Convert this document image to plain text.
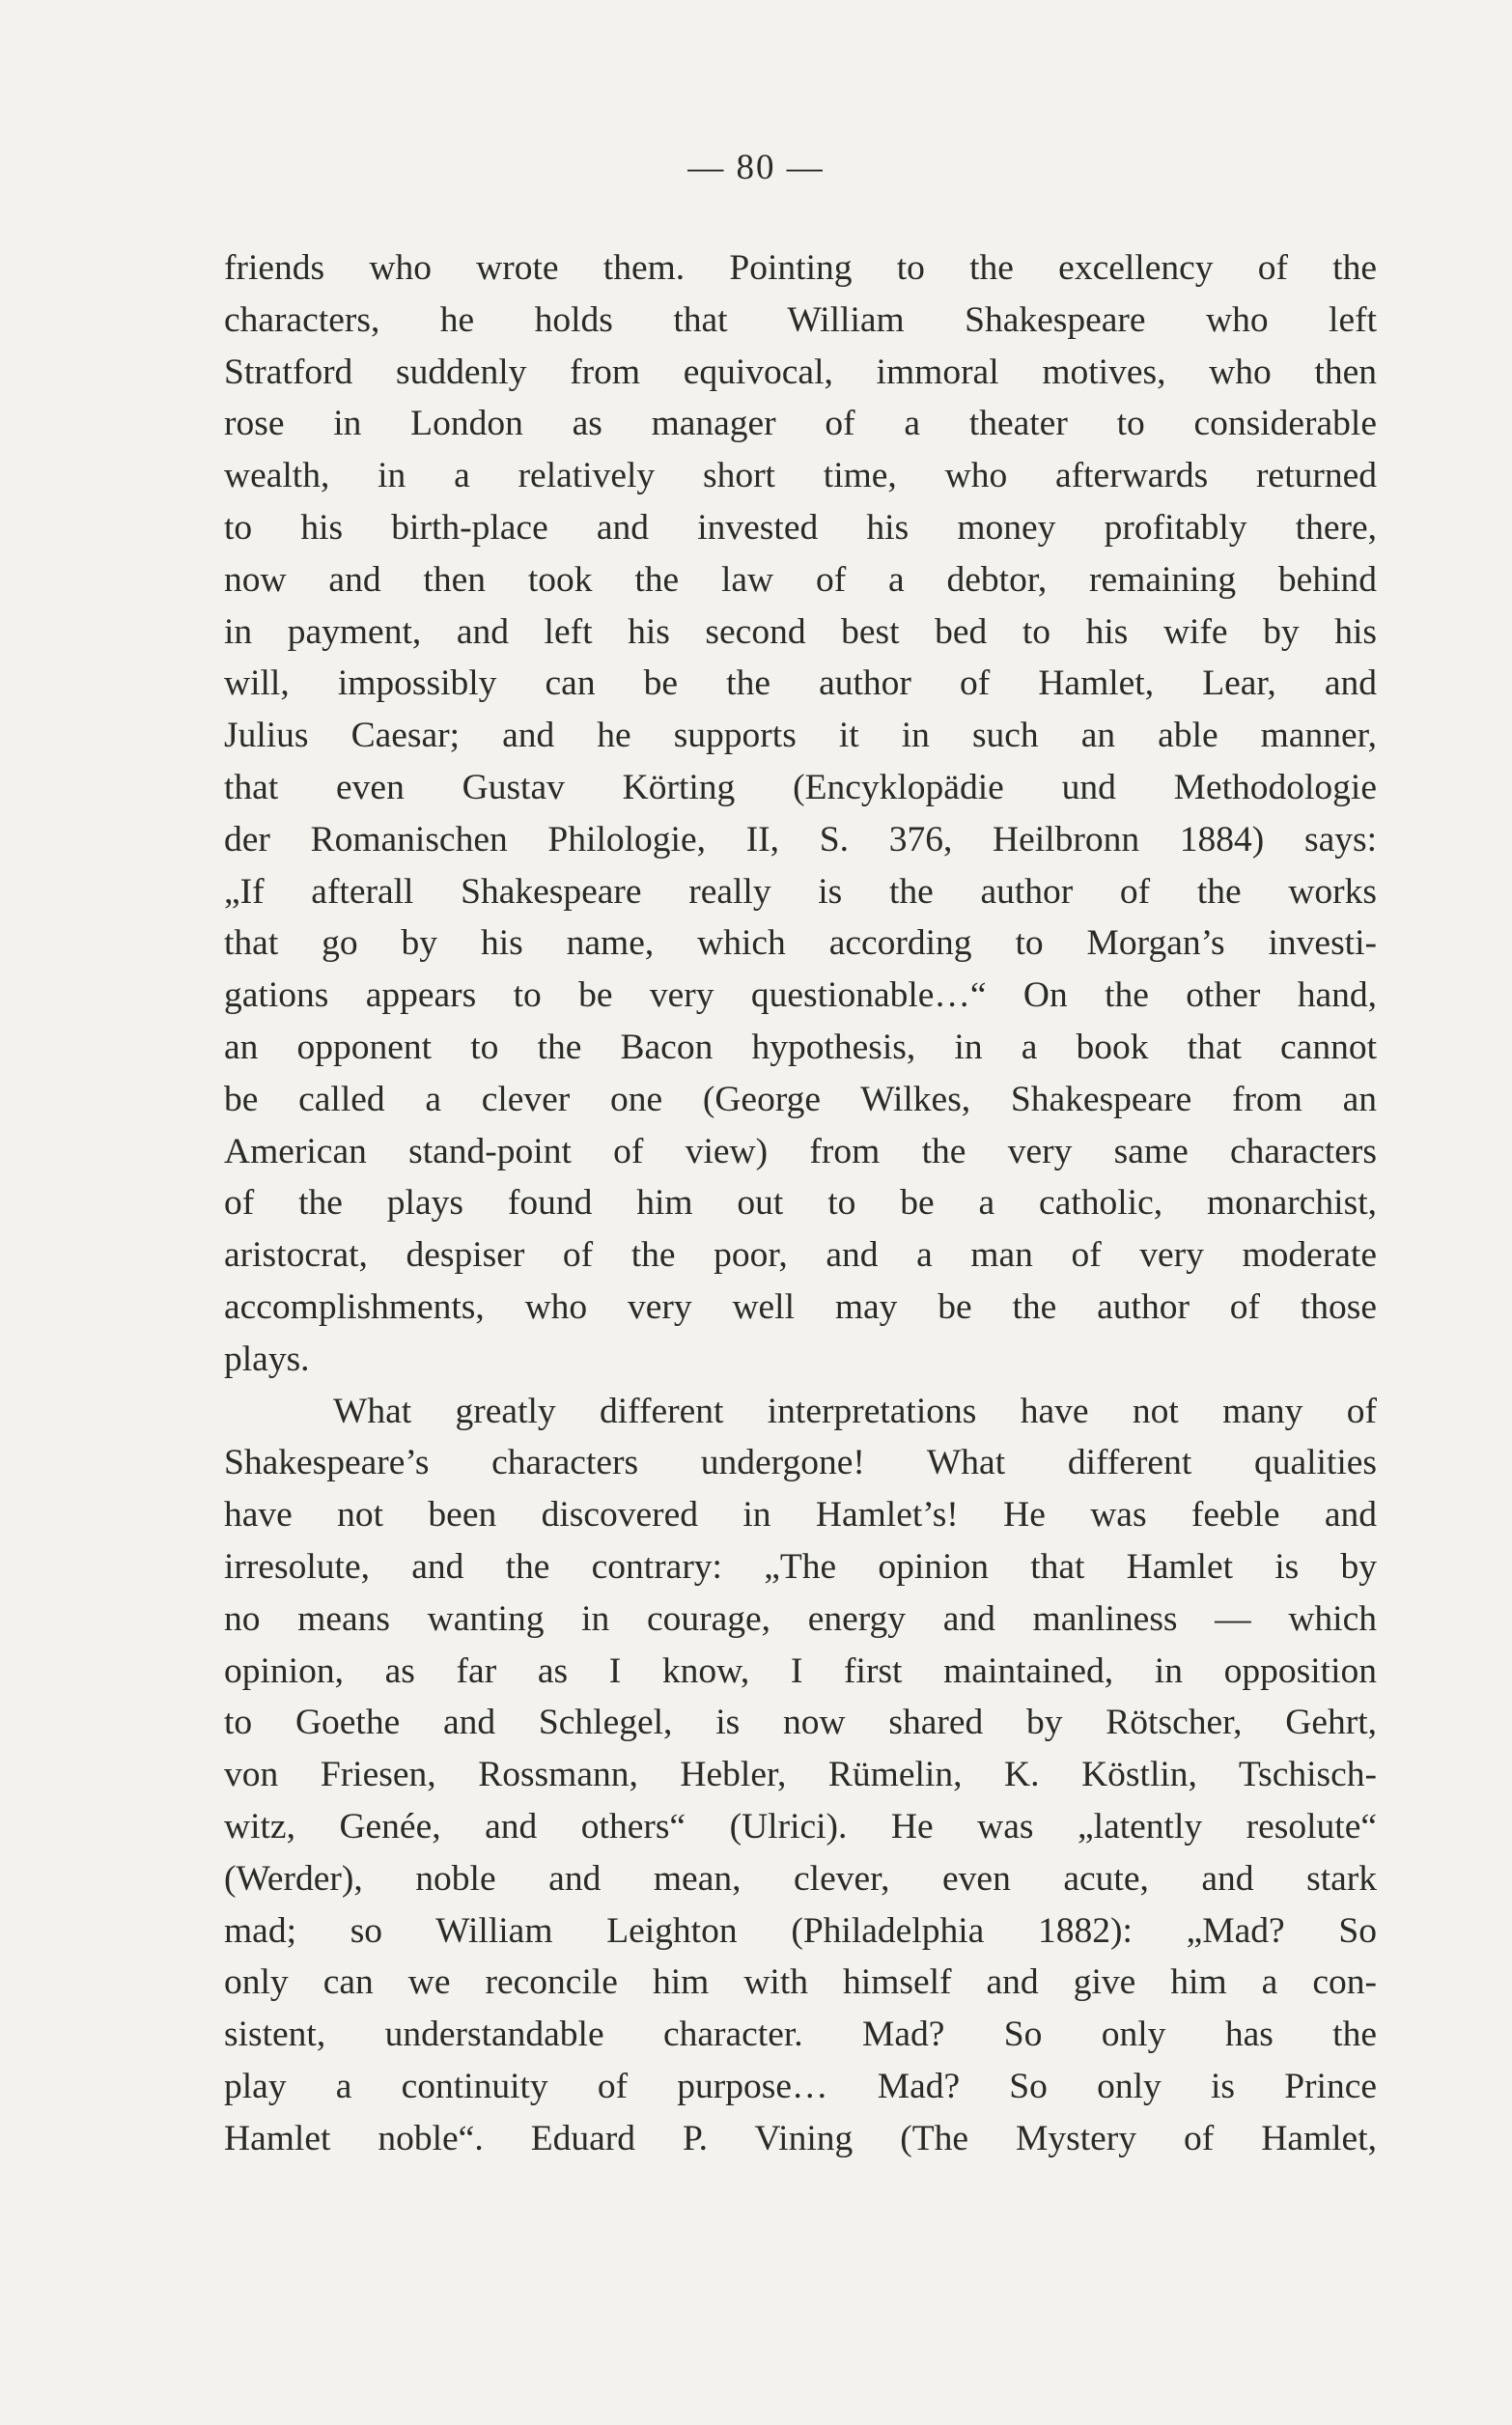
— 80 —
friends who wrote them. Pointing to the excellency of the
characters, he holds that William Shakespeare who left
Stratford suddenly from equivocal, immoral motives, who then
rose in London as manager of a theater to considerable
wealth, in a relatively short time, who afterwards returned
to his birth-place and invested his money profitably there,
now and then took the law of a debtor, remaining behind
in payment, and left his second best bed to his wife by his
will, impossibly can be the author of Hamlet, Lear, and
Julius Caesar; and he supports it in such an able manner,
that even Gustav Körting (Encyklopädie und Methodologie
der Romanischen Philologie, II, S. 376, Heilbronn 1884) says:
„If afterall Shakespeare really is the author of the works
that go by his name, which according to Morgan’s investi-
gations appears to be very questionable…“ On the other hand,
an opponent to the Bacon hypothesis, in a book that cannot
be called a clever one (George Wilkes, Shakespeare from an
American stand-point of view) from the very same characters
of the plays found him out to be a catholic, monarchist,
aristocrat, despiser of the poor, and a man of very moderate
accomplishments, who very well may be the author of those
plays.
What greatly different interpretations have not many of
Shakespeare’s characters undergone! What different qualities
have not been discovered in Hamlet’s! He was feeble and
irresolute, and the contrary: „The opinion that Hamlet is by
no means wanting in courage, energy and manliness — which
opinion, as far as I know, I first maintained, in opposition
to Goethe and Schlegel, is now shared by Rötscher, Gehrt,
von Friesen, Rossmann, Hebler, Rümelin, K. Köstlin, Tschisch-
witz, Genée, and others“ (Ulrici). He was „latently resolute“
(Werder), noble and mean, clever, even acute, and stark
mad; so William Leighton (Philadelphia 1882): „Mad? So
only can we reconcile him with himself and give him a con-
sistent, understandable character. Mad? So only has the
play a continuity of purpose… Mad? So only is Prince
Hamlet noble“. Eduard P. Vining (The Mystery of Hamlet,
